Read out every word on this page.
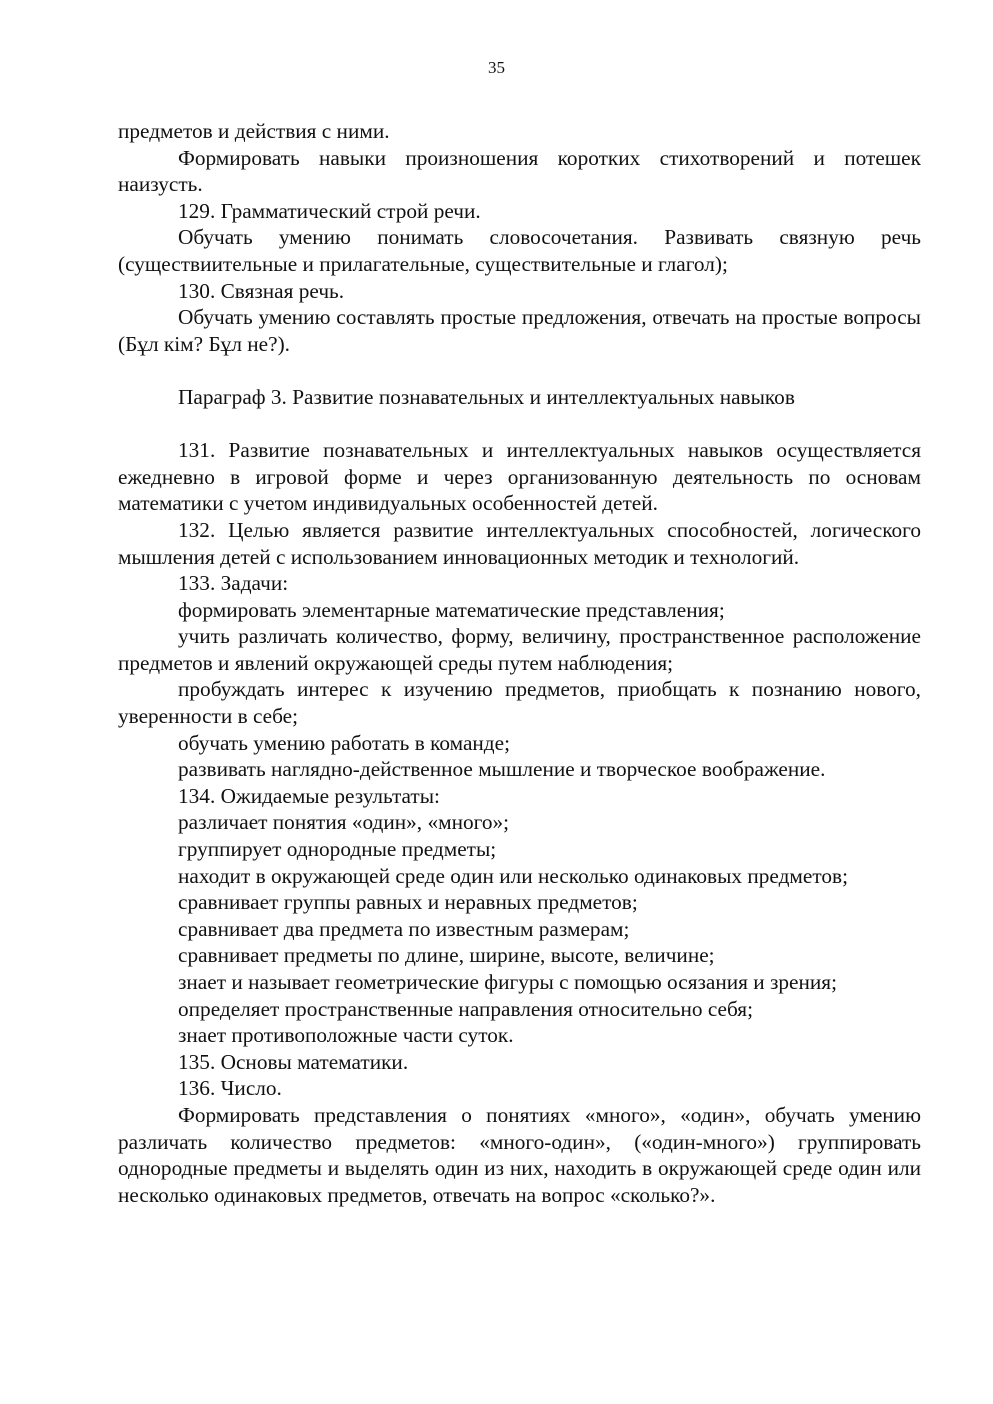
35

предметов и действия с ними.

Формировать навыки произношения коротких стихотворений и потешек наизусть.

129. Грамматический строй речи.

Обучать умению понимать словосочетания. Развивать связную речь (существиительные и прилагательные, существительные и глагол);

130. Связная речь.

Обучать умению составлять простые предложения, отвечать на простые вопросы (Бұл кім? Бұл не?).

Параграф 3. Развитие познавательных и интеллектуальных навыков

131. Развитие познавательных и интеллектуальных навыков осуществляется ежедневно в игровой форме и через организованную деятельность по основам математики с учетом индивидуальных особенностей детей.

132. Целью является развитие интеллектуальных способностей, логического мышления детей с использованием инновационных методик и технологий.

133. Задачи:

формировать элементарные математические представления;

учить различать количество, форму, величину, пространственное расположение предметов и явлений окружающей среды путем наблюдения;

пробуждать интерес к изучению предметов, приобщать к познанию нового, уверенности в себе;

обучать умению работать в команде;

развивать наглядно-действенное мышление и творческое воображение.

134. Ожидаемые результаты:

различает понятия «один», «много»;

группирует однородные предметы;

находит в окружающей среде один или несколько одинаковых предметов;

сравнивает группы равных и неравных предметов;

сравнивает два предмета по известным размерам;

сравнивает предметы по длине, ширине, высоте, величине;

знает и называет геометрические фигуры с помощью осязания и зрения;

определяет пространственные направления относительно себя;

знает противоположные части суток.

135. Основы математики.

136. Число.

Формировать представления о понятиях «много», «один», обучать умению различать количество предметов: «много-один», («один-много») группировать однородные предметы и выделять один из них, находить в окружающей среде один или несколько одинаковых предметов, отвечать на вопрос «сколько?».
